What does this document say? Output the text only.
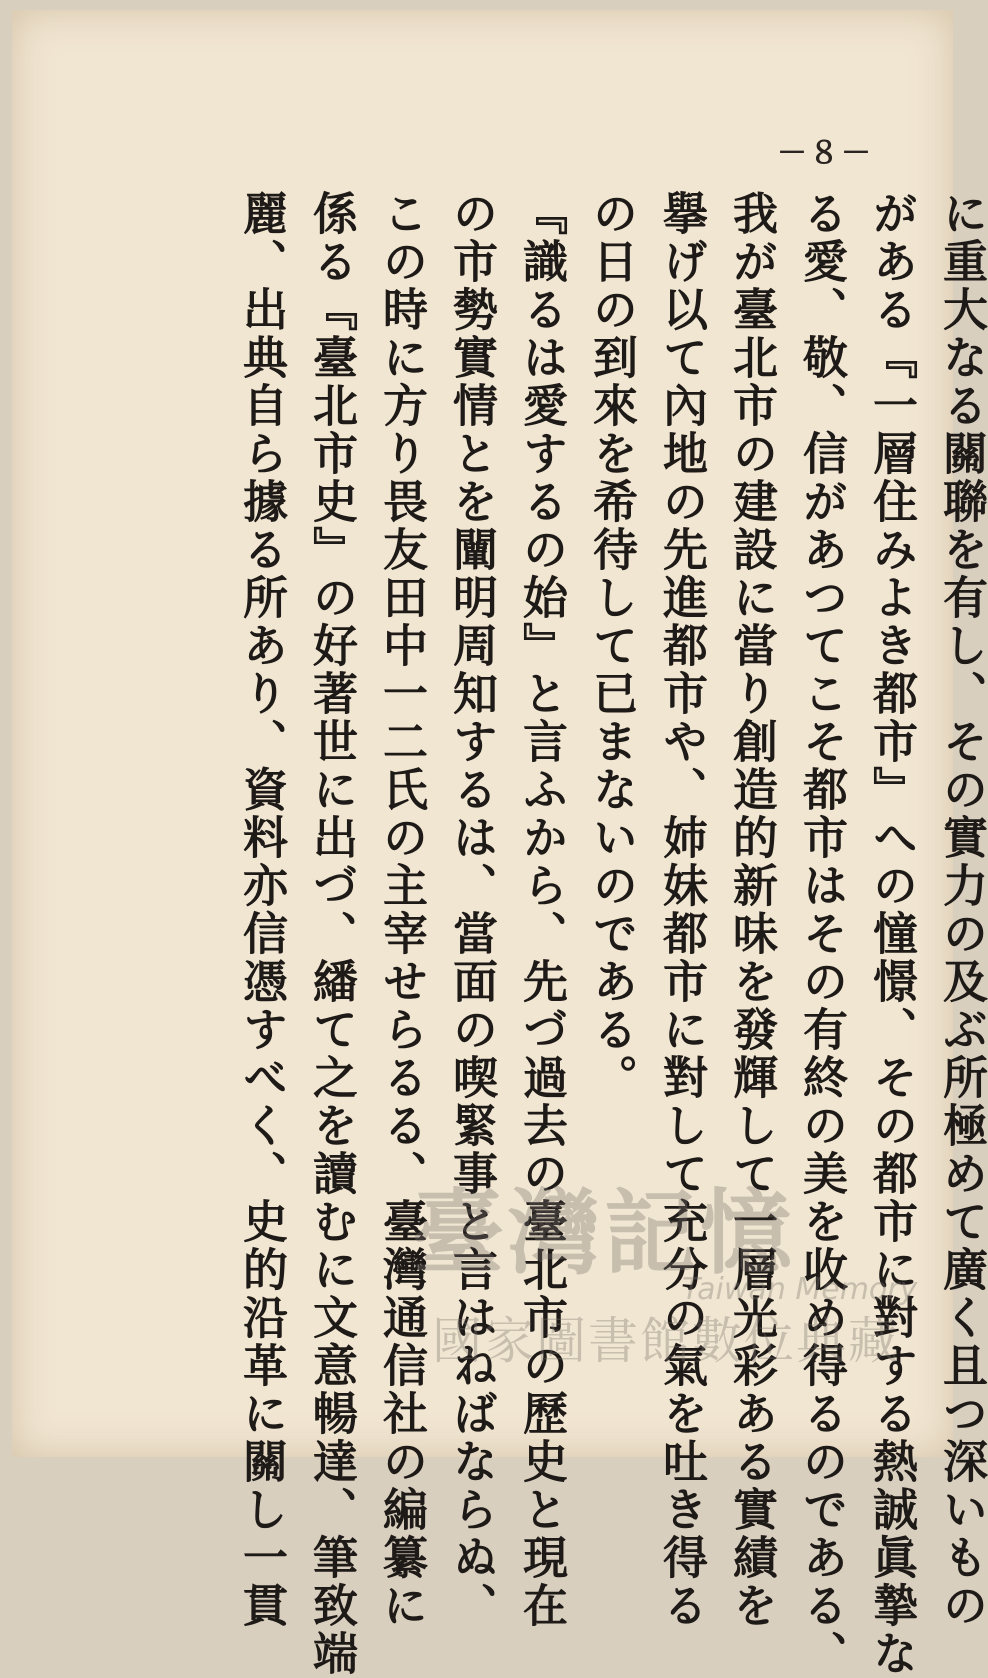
－８－
に重大なる關聯を有し、その實力の及ぶ所極めて廣く且つ深いもの
がある『一層住みよき都市』への憧憬、その都市に對する熱誠眞摯な
る愛、敬、信があつてこそ都市はその有終の美を收め得るのである、
我が臺北市の建設に當り創造的新味を發輝して一層光彩ある實績を
擧げ以て內地の先進都市や、姉妹都市に對して充分の氣を吐き得る
の日の到來を希待して已まないのである。
『識るは愛するの始』と言ふから、先づ過去の臺北市の歷史と現在
の市勢實情とを闡明周知するは、當面の喫緊事と言はねばならぬ、
この時に方り畏友田中一二氏の主宰せらるる、臺灣通信社の編纂に
係る『臺北市史』の好著世に出づ、繙て之を讀むに文意暢達、筆致端
麗、出典自ら據る所あり、資料亦信憑すべく、史的沿革に關し一貫 臺灣記憶
Taiwan Memory
國家圖書館數位典藏
